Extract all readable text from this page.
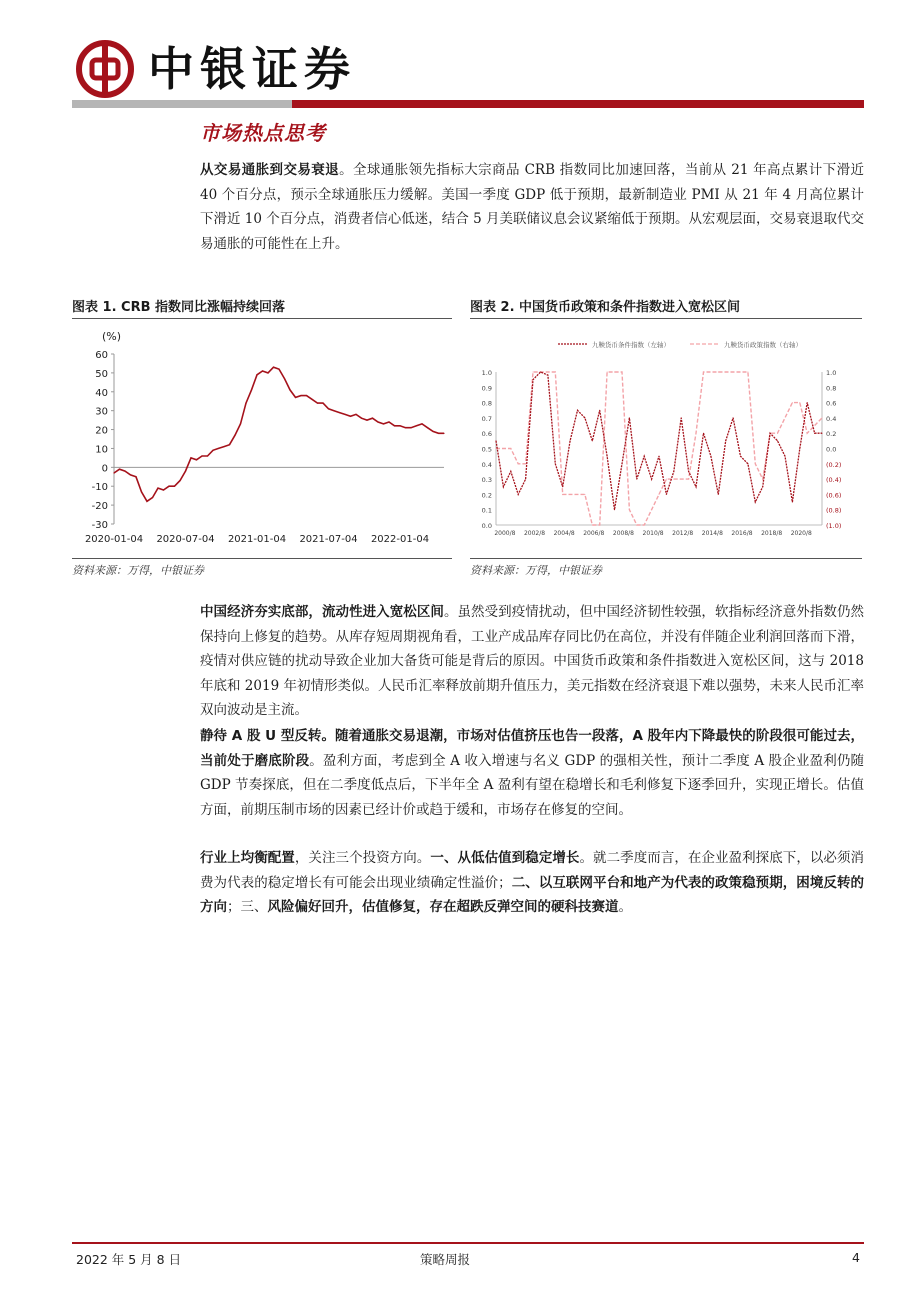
中银证券
市场热点思考
从交易通胀到交易衰退。全球通胀领先指标大宗商品 CRB 指数同比加速回落，当前从 21 年高点累计下滑近 40 个百分点，预示全球通胀压力缓解。美国一季度 GDP 低于预期，最新制造业 PMI 从 21 年 4 月高位累计下滑近 10 个百分点，消费者信心低迷，结合 5 月美联储议息会议紧缩低于预期。从宏观层面，交易衰退取代交易通胀的可能性在上升。
图表 1. CRB 指数同比涨幅持续回落
(%)
60
50
40
30
20
10
0
-10
-20
-30
2020-01-04 2020-07-04 2021-01-04 2021-07-04 2022-01-04
资料来源：万得，中银证券
图表 2. 中国货币政策和条件指数进入宽松区间
九鞅货币条件指数（左轴）	九鞅货币政策指数（右轴）
1.0
0.9
0.8
0.7
0.6
0.5
0.4
0.3
0.2
0.1
0.0
1.0
0.8
0.6
0.4
0.2
0.0
(0.2)
(0.4)
(0.6)
(0.8)
(1.0)
2000/8 2002/8 2004/8 2006/8 2008/8 2010/8 2012/8 2014/8 2016/8 2018/8 2020/8
资料来源：万得，中银证券
中国经济夯实底部，流动性进入宽松区间。虽然受到疫情扰动，但中国经济韧性较强，软指标经济意外指数仍然保持向上修复的趋势。从库存短周期视角看，工业产成品库存同比仍在高位，并没有伴随企业利润回落而下滑，疫情对供应链的扰动导致企业加大备货可能是背后的原因。中国货币政策和条件指数进入宽松区间，这与 2018 年底和 2019 年初情形类似。人民币汇率释放前期升值压力，美元指数在经济衰退下难以强势，未来人民币汇率双向波动是主流。
静待 A 股 U 型反转。随着通胀交易退潮，市场对估值挤压也告一段落，A 股年内下降最快的阶段很可能过去，当前处于磨底阶段。盈利方面，考虑到全 A 收入增速与名义 GDP 的强相关性，预计二季度 A 股企业盈利仍随 GDP 节奏探底，但在二季度低点后，下半年全 A 盈利有望在稳增长和毛利修复下逐季回升，实现正增长。估值方面，前期压制市场的因素已经计价或趋于缓和，市场存在修复的空间。
行业上均衡配置，关注三个投资方向。一、从低估值到稳定增长。就二季度而言，在企业盈利探底下，以必须消费为代表的稳定增长有可能会出现业绩确定性溢价；二、以互联网平台和地产为代表的政策稳预期，困境反转的方向；三、风险偏好回升，估值修复，存在超跌反弹空间的硬科技赛道。
2022 年 5 月 8 日	策略周报	4
